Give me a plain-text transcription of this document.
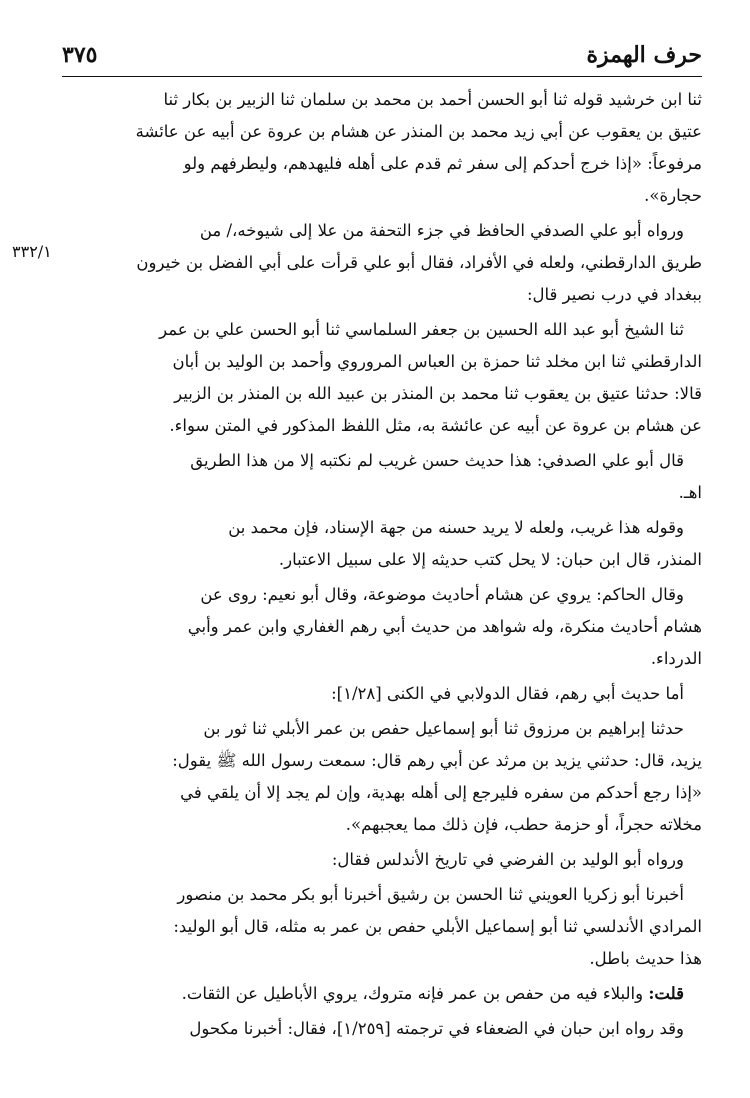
حرف الهمزة
٣٧٥
٣٣٢/١
ثنا ابن خرشيد قوله ثنا أبو الحسن أحمد بن محمد بن سلمان ثنا الزبير بن بكار ثنا
عتيق بن يعقوب عن أبي زيد محمد بن المنذر عن هشام بن عروة عن أبيه عن عائشة
مرفوعاً: «إذا خرج أحدكم إلى سفر ثم قدم على أهله فليهدهم، وليطرفهم ولو
حجارة».
ورواه أبو علي الصدفي الحافظ في جزء التحفة من علا إلى شيوخه،/ من
طريق الدارقطني، ولعله في الأفراد، فقال أبو علي قرأت على أبي الفضل بن خيرون
ببغداد في درب نصير قال:
ثنا الشيخ أبو عبد الله الحسين بن جعفر السلماسي ثنا أبو الحسن علي بن عمر
الدارقطني ثنا ابن مخلد ثنا حمزة بن العباس المروروي وأحمد بن الوليد بن أبان
قالا: حدثنا عتيق بن يعقوب ثنا محمد بن المنذر بن عبيد الله بن المنذر بن الزبير
عن هشام بن عروة عن أبيه عن عائشة به، مثل اللفظ المذكور في المتن سواء.
قال أبو علي الصدفي: هذا حديث حسن غريب لم نكتبه إلا من هذا الطريق
اهـ.
وقوله هذا غريب، ولعله لا يريد حسنه من جهة الإسناد، فإن محمد بن
المنذر، قال ابن حبان: لا يحل كتب حديثه إلا على سبيل الاعتبار.
وقال الحاكم: يروي عن هشام أحاديث موضوعة، وقال أبو نعيم: روى عن
هشام أحاديث منكرة، وله شواهد من حديث أبي رهم الغفاري وابن عمر وأبي
الدرداء.
أما حديث أبي رهم، فقال الدولابي في الكنى [١/٢٨]:
حدثنا إبراهيم بن مرزوق ثنا أبو إسماعيل حفص بن عمر الأبلي ثنا ثور بن
يزيد، قال: حدثني يزيد بن مرثد عن أبي رهم قال: سمعت رسول الله ﷺ يقول:
«إذا رجع أحدكم من سفره فليرجع إلى أهله بهدية، وإن لم يجد إلا أن يلقي في
مخلاته حجراً، أو حزمة حطب، فإن ذلك مما يعجبهم».
ورواه أبو الوليد بن الفرضي في تاريخ الأندلس فقال:
أخبرنا أبو زكريا العويني ثنا الحسن بن رشيق أخبرنا أبو بكر محمد بن منصور
المرادي الأندلسي ثنا أبو إسماعيل الأبلي حفص بن عمر به مثله، قال أبو الوليد:
هذا حديث باطل.
قلت: والبلاء فيه من حفص بن عمر فإنه متروك، يروي الأباطيل عن الثقات.
وقد رواه ابن حبان في الضعفاء في ترجمته [١/٢٥٩]، فقال: أخبرنا مكحول
